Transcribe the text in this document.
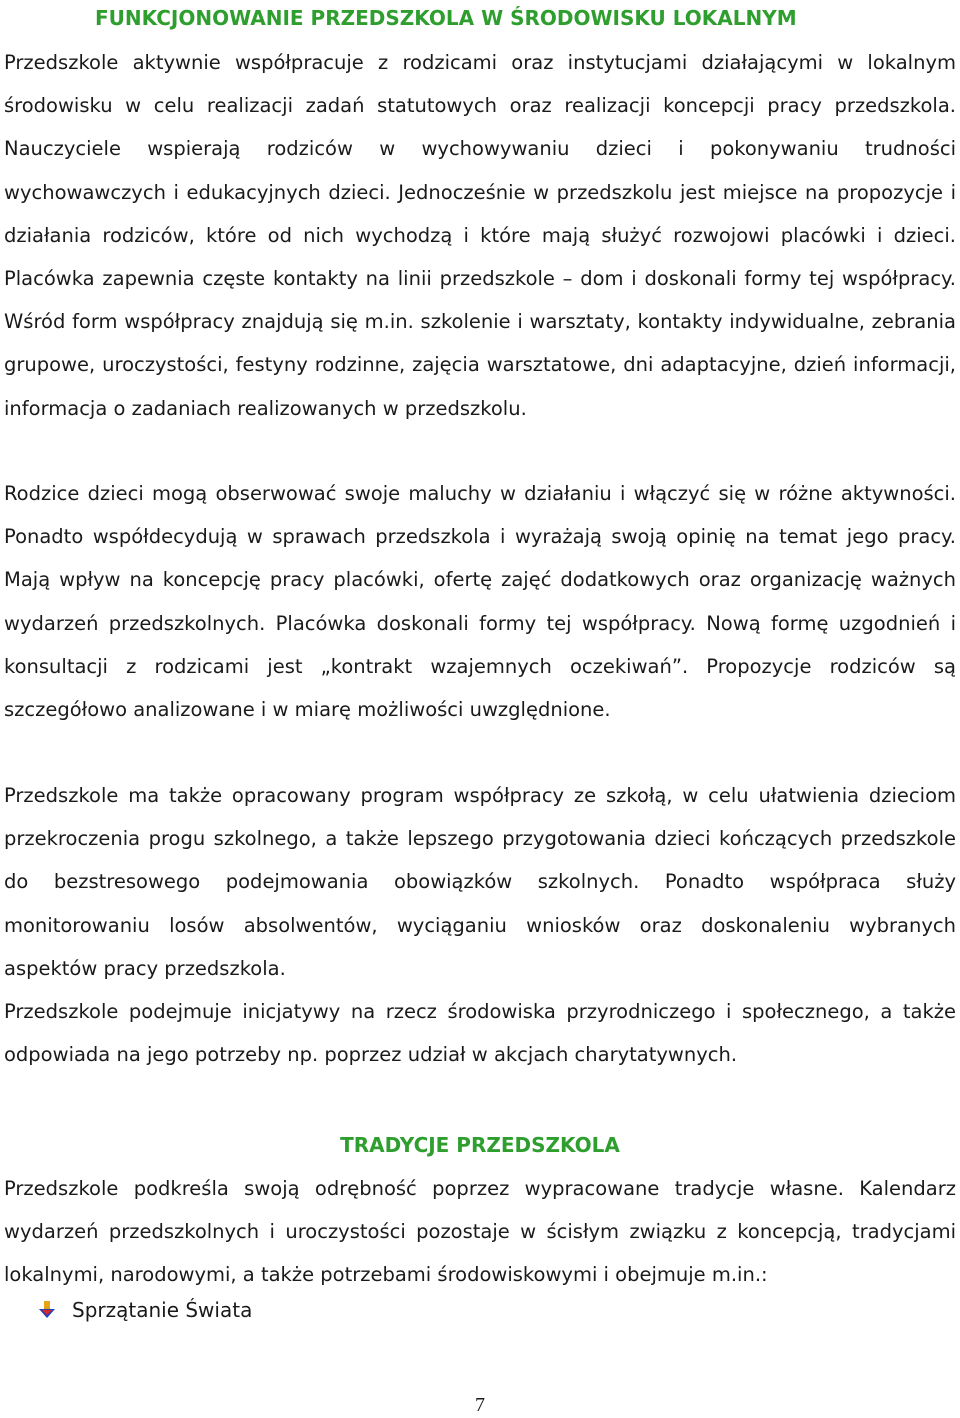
FUNKCJONOWANIE PRZEDSZKOLA W ŚRODOWISKU LOKALNYM

Przedszkole aktywnie współpracuje z rodzicami oraz instytucjami działającymi w lokalnym środowisku w celu realizacji zadań statutowych oraz realizacji koncepcji pracy przedszkola. Nauczyciele wspierają rodziców w wychowywaniu dzieci i pokonywaniu trudności wychowawczych i edukacyjnych dzieci. Jednocześnie w przedszkolu jest miejsce na propozycje i działania rodziców, które od nich wychodzą i które mają służyć rozwojowi placówki i dzieci. Placówka zapewnia częste kontakty na linii przedszkole – dom i doskonali formy tej współpracy. Wśród form współpracy znajdują się m.in. szkolenie i warsztaty, kontakty indywidualne, zebrania grupowe, uroczystości, festyny rodzinne, zajęcia warsztatowe, dni adaptacyjne, dzień informacji, informacja o zadaniach realizowanych w przedszkolu.

Rodzice dzieci mogą obserwować swoje maluchy w działaniu i włączyć się w różne aktywności. Ponadto współdecydują w sprawach przedszkola i wyrażają swoją opinię na temat jego pracy. Mają wpływ na koncepcję pracy placówki, ofertę zajęć dodatkowych oraz organizację ważnych wydarzeń przedszkolnych. Placówka doskonali formy tej współpracy. Nową formę uzgodnień i konsultacji z rodzicami jest „kontrakt wzajemnych oczekiwań”. Propozycje rodziców są szczegółowo analizowane i w miarę możliwości uwzględnione.

Przedszkole ma także opracowany program współpracy ze szkołą, w celu ułatwienia dzieciom przekroczenia progu szkolnego, a także lepszego przygotowania dzieci kończących przedszkole do bezstresowego podejmowania obowiązków szkolnych. Ponadto współpraca służy monitorowaniu losów absolwentów, wyciąganiu wniosków oraz doskonaleniu wybranych aspektów pracy przedszkola.

Przedszkole podejmuje inicjatywy na rzecz środowiska przyrodniczego i społecznego, a także odpowiada na jego potrzeby np. poprzez udział w akcjach charytatywnych.

TRADYCJE PRZEDSZKOLA

Przedszkole podkreśla swoją odrębność poprzez wypracowane tradycje własne. Kalendarz wydarzeń przedszkolnych i uroczystości pozostaje w ścisłym związku z koncepcją, tradycjami lokalnymi, narodowymi, a także potrzebami środowiskowymi i obejmuje m.in.:

Sprzątanie Świata
7
